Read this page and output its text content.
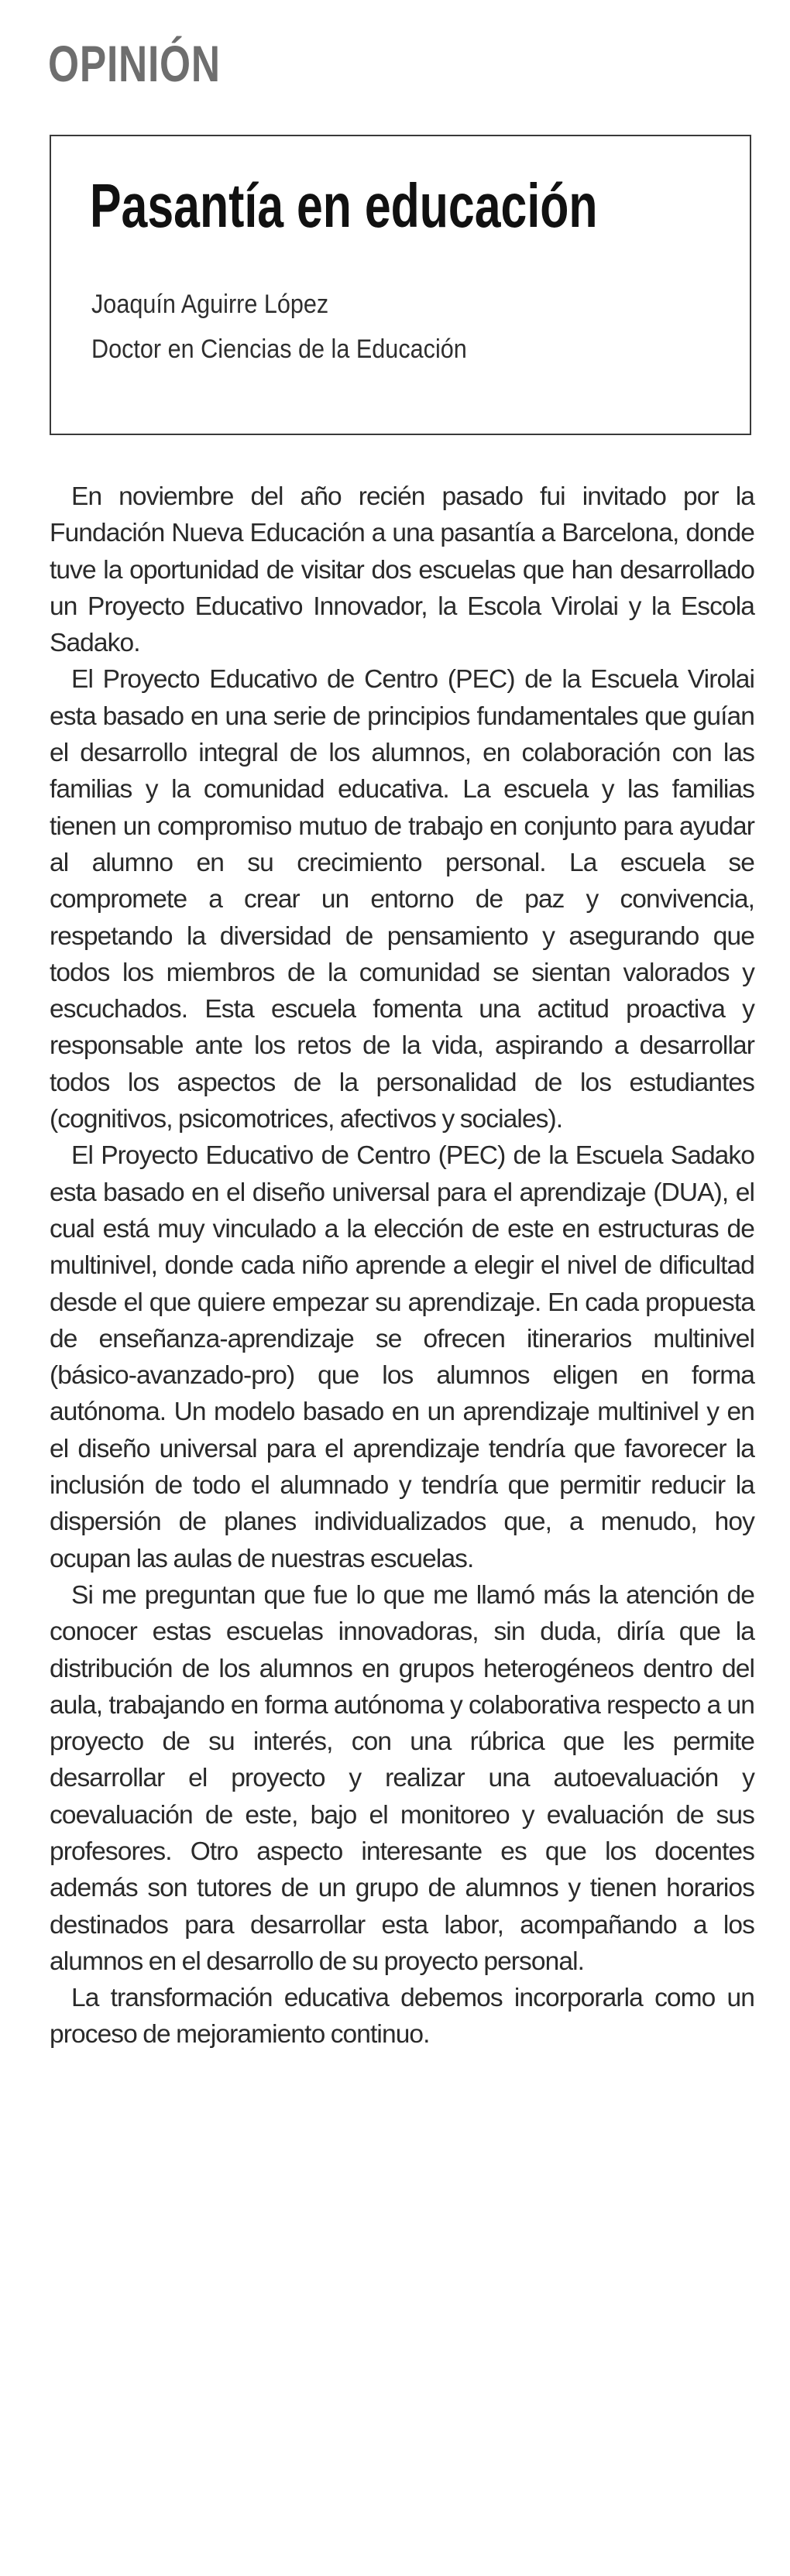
OPINIÓN
Pasantía en educación

Joaquín Aguirre López

Doctor en Ciencias de la Educación

En noviembre del año recién pasado fui invitado por la Fundación Nueva Educación a una pasantía a Barcelona, donde tuve la oportunidad de visitar dos escuelas que han desarrollado un Proyecto Educativo Innovador, la Escola Virolai y la Escola Sadako.

El Proyecto Educativo de Centro (PEC) de la Escuela Virolai esta basado en una serie de principios fundamentales que guían el desarrollo integral de los alumnos, en colaboración con las familias y la comunidad educativa. La escuela y las familias tienen un compromiso mutuo de trabajo en conjunto para ayudar al alumno en su crecimiento personal. La escuela se compromete a crear un entorno de paz y convivencia, respetando la diversidad de pensamiento y asegurando que todos los miembros de la comunidad se sientan valorados y escuchados. Esta escuela fomenta una actitud proactiva y responsable ante los retos de la vida, aspirando a desarrollar todos los aspectos de la personalidad de los estudiantes (cognitivos, psicomotrices, afectivos y sociales).

El Proyecto Educativo de Centro (PEC) de la Escuela Sadako esta basado en el diseño universal para el aprendizaje (DUA), el cual está muy vinculado a la elección de este en estructuras de multinivel, donde cada niño aprende a elegir el nivel de dificultad desde el que quiere empezar su aprendizaje. En cada propuesta de enseñanza-aprendizaje se ofrecen itinerarios multinivel (básico-avanzado-pro) que los alumnos eligen en forma autónoma. Un modelo basado en un aprendizaje multinivel y en el diseño universal para el aprendizaje tendría que favorecer la inclusión de todo el alumnado y tendría que permitir reducir la dispersión de planes individualizados que, a menudo, hoy ocupan las aulas de nuestras escuelas.

Si me preguntan que fue lo que me llamó más la atención de conocer estas escuelas innovadoras, sin duda, diría que la distribución de los alumnos en grupos heterogéneos dentro del aula, trabajando en forma autónoma y colaborativa respecto a un proyecto de su interés, con una rúbrica que les permite desarrollar el proyecto y realizar una autoevaluación y coevaluación de este, bajo el monitoreo y evaluación de sus profesores. Otro aspecto interesante es que los docentes además son tutores de un grupo de alumnos y tienen horarios destinados para desarrollar esta labor, acompañando a los alumnos en el desarrollo de su proyecto personal.

La transformación educativa debemos incorporarla como un proceso de mejoramiento continuo.
